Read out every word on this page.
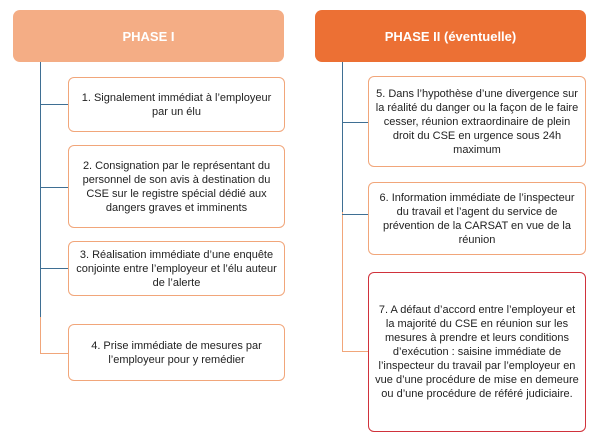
PHASE I	PHASE II (éventuelle)
1. Signalement immédiat à l’employeur par un élu
2. Consignation par le représentant du personnel de son avis à destination du CSE sur le registre spécial dédié aux dangers graves et imminents
3. Réalisation immédiate d’une enquête conjointe entre l’employeur et l’élu auteur de l’alerte
4. Prise immédiate de mesures par l’employeur pour y remédier
5. Dans l’hypothèse d’une divergence sur la réalité du danger ou la façon de le faire cesser, réunion extraordinaire de plein droit du CSE en urgence sous 24h maximum
6. Information immédiate de l’inspecteur du travail et l’agent du service de prévention de la CARSAT en vue de la réunion
7. A défaut d’accord entre l’employeur et la majorité du CSE en réunion sur les mesures à prendre et leurs conditions d’exécution : saisine immédiate de l’inspecteur du travail par l’employeur en vue d’une procédure de mise en demeure ou d’une procédure de référé judiciaire.
